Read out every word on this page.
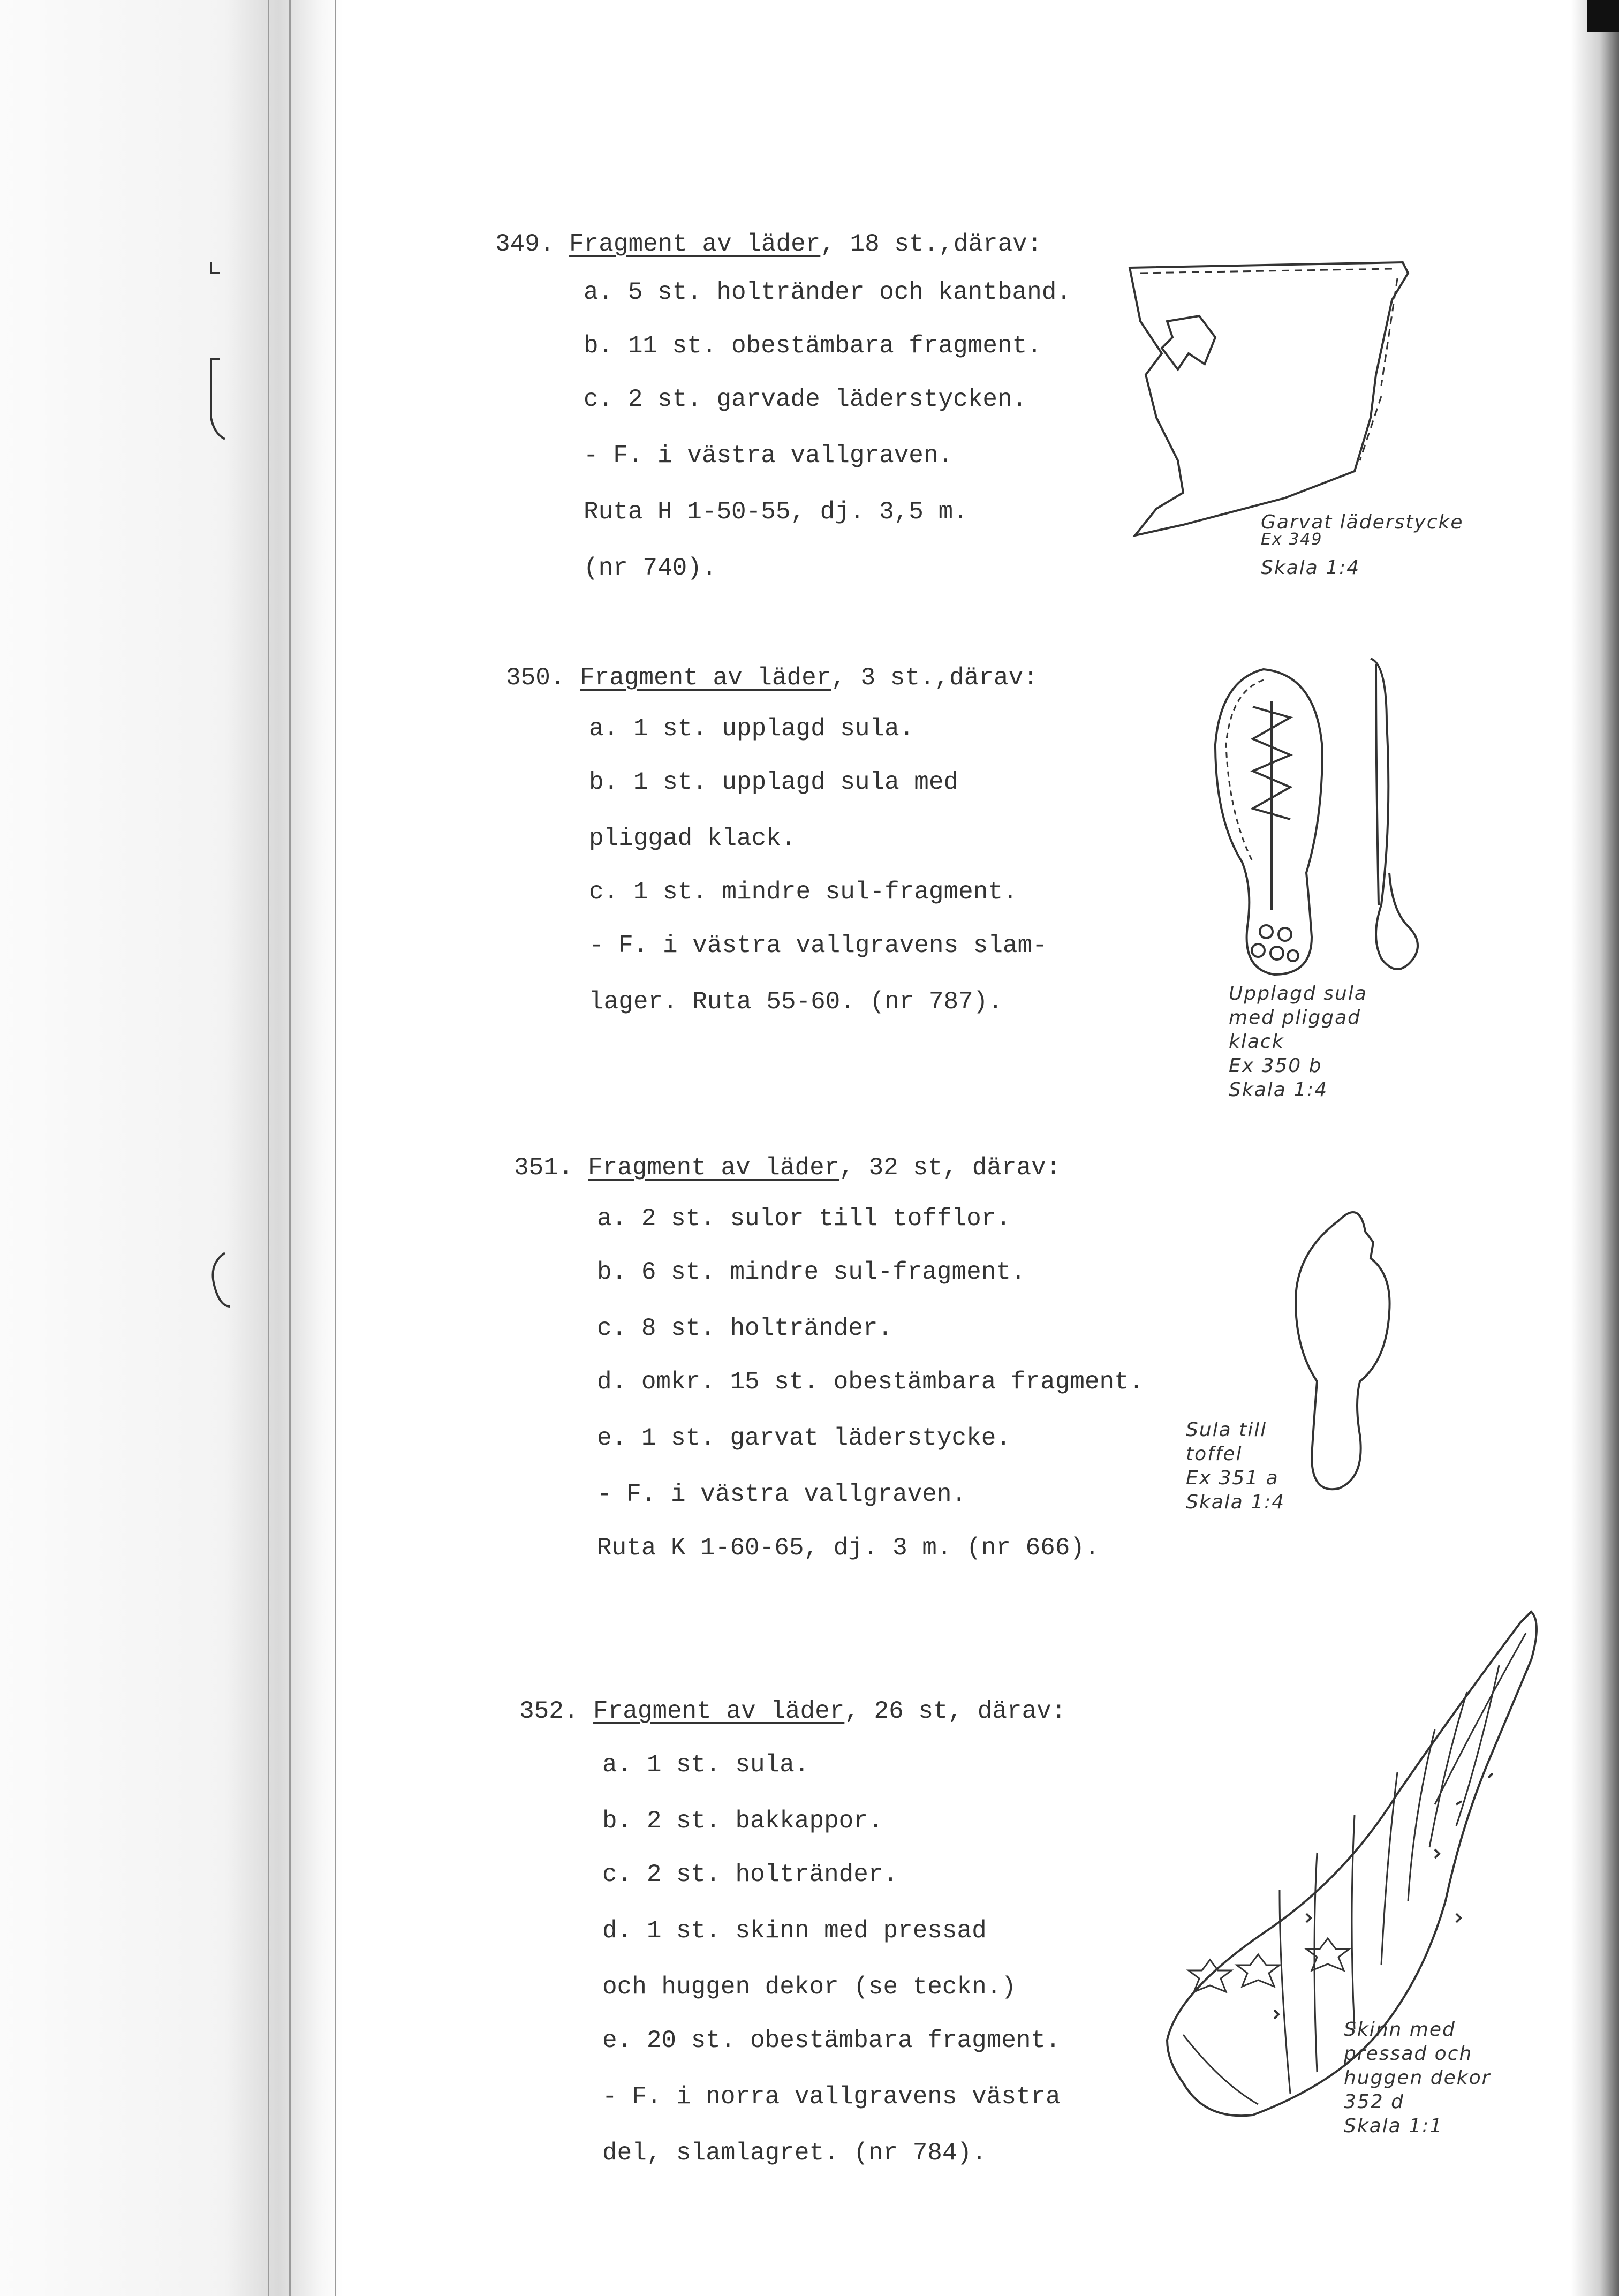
349. Fragment av läder, 18 st.,därav:
a. 5 st. holtränder och kantband.
b. 11 st. obestämbara fragment.
c. 2 st. garvade läderstycken.
- F. i västra vallgraven.
Ruta H 1-50-55, dj. 3,5 m.
(nr 740).
Garvat läderstycke
Ex 349
Skala 1:4
350. Fragment av läder, 3 st.,därav:
a. 1 st. upplagd sula.
b. 1 st. upplagd sula med
pliggad klack.
c. 1 st. mindre sul-fragment.
- F. i västra vallgravens slam-
lager. Ruta 55-60. (nr 787).	Upplagd sula
med pliggad
klack
Ex 350 b
Skala 1:4
351. Fragment av läder, 32 st, därav:
a. 2 st. sulor till tofflor.
b. 6 st. mindre sul-fragment.
c. 8 st. holtränder.
d. omkr. 15 st. obestämbara fragment.
e. 1 st. garvat läderstycke.
- F. i västra vallgraven.
Ruta K 1-60-65, dj. 3 m. (nr 666).
Sula till
toffel
Ex 351 a
Skala 1:4
352. Fragment av läder, 26 st, därav:
a. 1 st. sula.
b. 2 st. bakkappor.
c. 2 st. holtränder.
d. 1 st. skinn med pressad
och huggen dekor (se teckn.)
e. 20 st. obestämbara fragment.
- F. i norra vallgravens västra
del, slamlagret. (nr 784).
Skinn med
pressad och
huggen dekor
352 d
Skala 1:1
